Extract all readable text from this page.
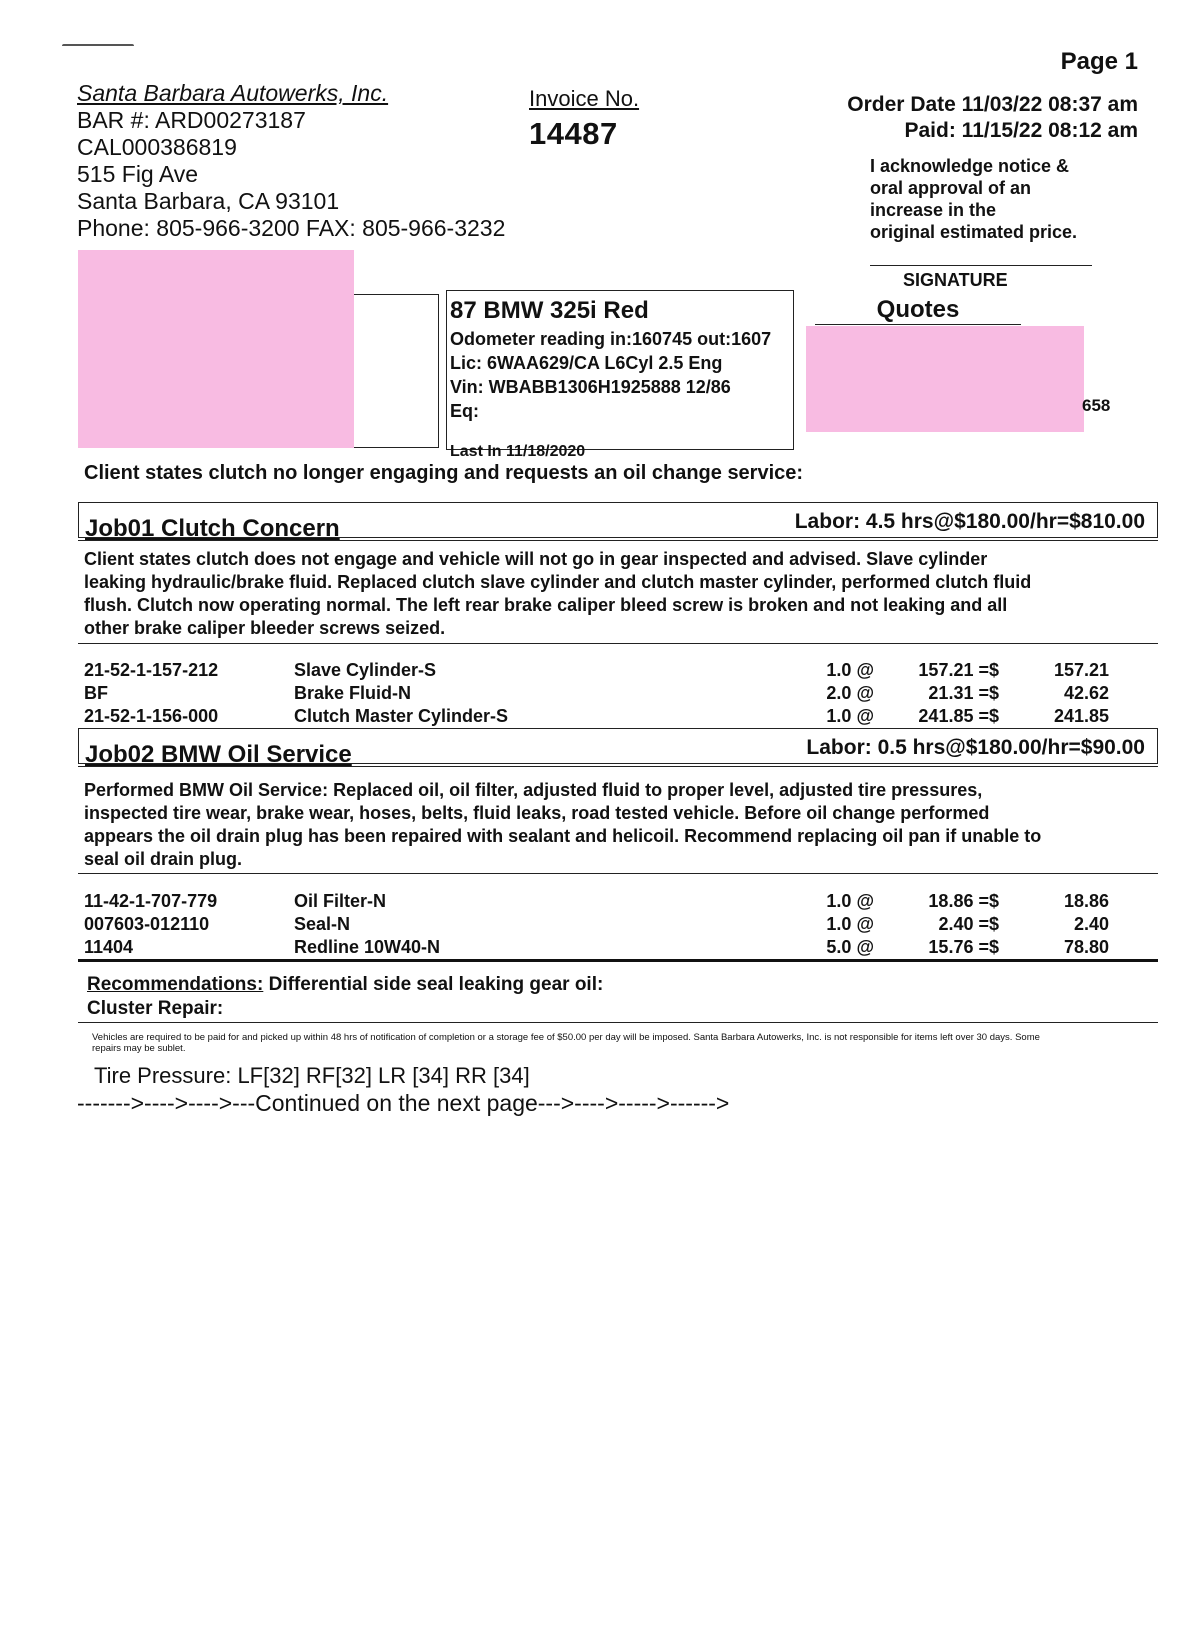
Santa Barbara Autowerks, Inc.
BAR #: ARD00273187
CAL000386819
515 Fig Ave
Santa Barbara, CA 93101
Phone: 805-966-3200 FAX: 805-966-3232
Invoice No.
14487
Page 1
Order Date 11/03/22 08:37 am
Paid: 11/15/22 08:12 am
I acknowledge notice &
oral approval of an
increase in the
original estimated price.
SIGNATURE
87 BMW 325i Red
Odometer reading in:160745 out:1607
Lic: 6WAA629/CA L6Cyl 2.5 Eng
Vin: WBABB1306H1925888 12/86
Eq:
Last In 11/18/2020
Quotes
658
Client states clutch no longer engaging and requests an oil change service:
Job01 Clutch Concern	Labor: 4.5 hrs@$180.00/hr=$810.00
Client states clutch does not engage and vehicle will not go in gear inspected and advised. Slave cylinder
leaking hydraulic/brake fluid. Replaced clutch slave cylinder and clutch master cylinder, performed clutch fluid
flush. Clutch now operating normal. The left rear brake caliper bleed screw is broken and not leaking and all
other brake caliper bleeder screws seized.
21-52-1-157-212	Slave Cylinder-S	1.0 @	157.21 =$	157.21
BF	Brake Fluid-N	2.0 @	21.31 =$	42.62
21-52-1-156-000	Clutch Master Cylinder-S	1.0 @	241.85 =$	241.85
Job02 BMW Oil Service	Labor: 0.5 hrs@$180.00/hr=$90.00
Performed BMW Oil Service: Replaced oil, oil filter, adjusted fluid to proper level, adjusted tire pressures,
inspected tire wear, brake wear, hoses, belts, fluid leaks, road tested vehicle. Before oil change performed
appears the oil drain plug has been repaired with sealant and helicoil. Recommend replacing oil pan if unable to
seal oil drain plug.
11-42-1-707-779	Oil Filter-N	1.0 @	18.86 =$	18.86
007603-012110	Seal-N	1.0 @	2.40 =$	2.40
11404	Redline 10W40-N	5.0 @	15.76 =$	78.80
Recommendations: Differential side seal leaking gear oil:
Cluster Repair:
Vehicles are required to be paid for and picked up within 48 hrs of notification of completion or a storage fee of $50.00 per day will be imposed. Santa Barbara Autowerks, Inc. is not responsible for items left over 30 days. Some repairs may be sublet.
Tire Pressure: LF[32] RF[32] LR [34] RR [34]
------->---->---->---Continued on the next page--->---->----->------>
